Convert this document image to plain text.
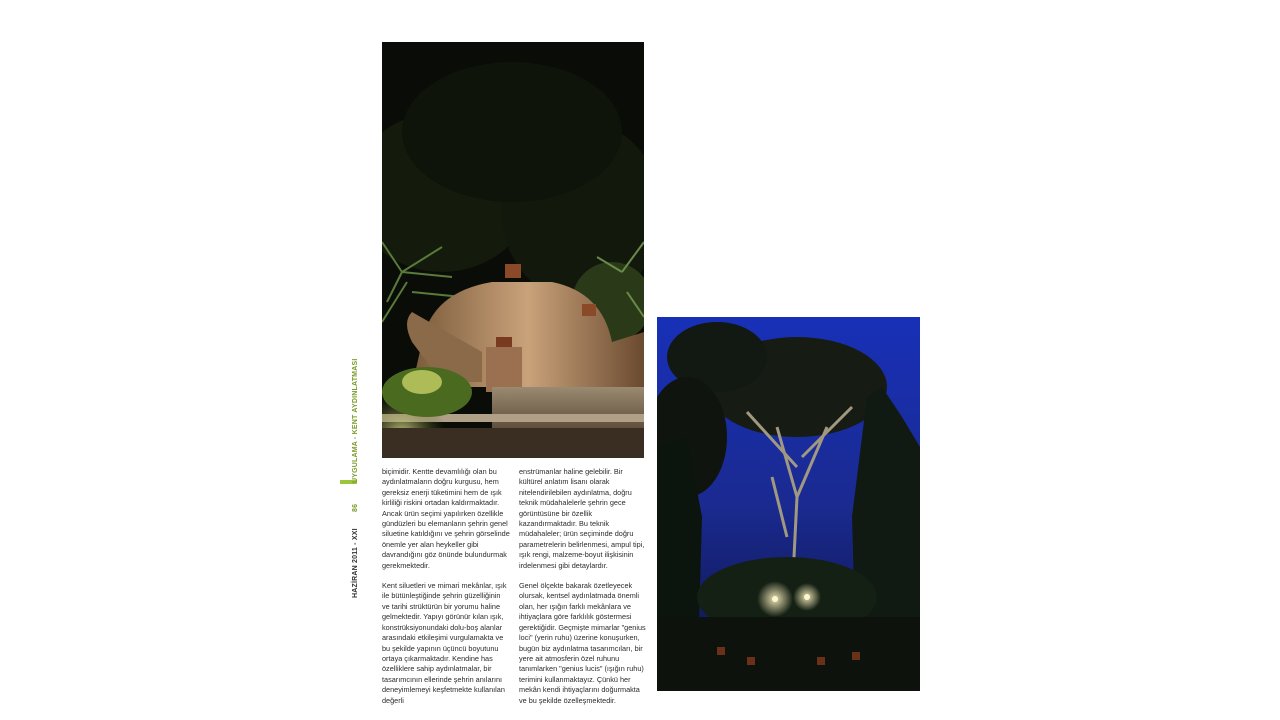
HAZİRAN 2011 - XXI
86
UYGULAMA - KENT AYDINLATMASI	biçimidir. Kentte devamlılığı olan bu aydınlatmaların doğru kurgusu, hem gereksiz enerji tüketimini hem de ışık kirliliği riskini ortadan kaldırmaktadır. Ancak ürün seçimi yapılırken özellikle gündüzleri bu elemanların şehrin genel siluetine katıldığını ve şehrin görselinde önemle yer alan heykeller gibi davrandığını göz önünde bulundurmak gerekmektedir.

Kent siluetleri ve mimari mekânlar, ışık ile bütünleştiğinde şehrin güzelliğinin ve tarihi strüktürün bir yorumu haline gelmektedir. Yapıyı görünür kılan ışık, konstrüksiyonundaki dolu-boş alanlar arasındaki etkileşimi vurgulamakta ve bu şekilde yapının üçüncü boyutunu ortaya çıkarmaktadır. Kendine has özelliklere sahip aydınlatmalar, bir tasarımcının ellerinde şehrin anılarını deneyimlemeyi keşfetmekte kullanılan değerli

enstrümanlar haline gelebilir. Bir kültürel anlatım lisanı olarak nitelendirilebilen aydınlatma, doğru teknik müdahalelerle şehrin gece görüntüsüne bir özellik kazandırmaktadır. Bu teknik müdahaleler; ürün seçiminde doğru parametrelerin belirlenmesi, ampul tipi, ışık rengi, malzeme-boyut ilişkisinin irdelenmesi gibi detaylardır.

Genel ölçekte bakarak özetleyecek olursak, kentsel aydınlatmada önemli olan, her ışığın farklı mekânlara ve ihtiyaçlara göre farklılık göstermesi gerektiğidir. Geçmişte mimarlar "genius loci" (yerin ruhu) üzerine konuşurken, bugün biz aydınlatma tasarımcıları, bir yere ait atmosferin özel ruhunu tanımlarken "genius lucis" (ışığın ruhu) terimini kullanmaktayız. Çünkü her mekân kendi ihtiyaçlarını doğurmakta ve bu şekilde özelleşmektedir.
